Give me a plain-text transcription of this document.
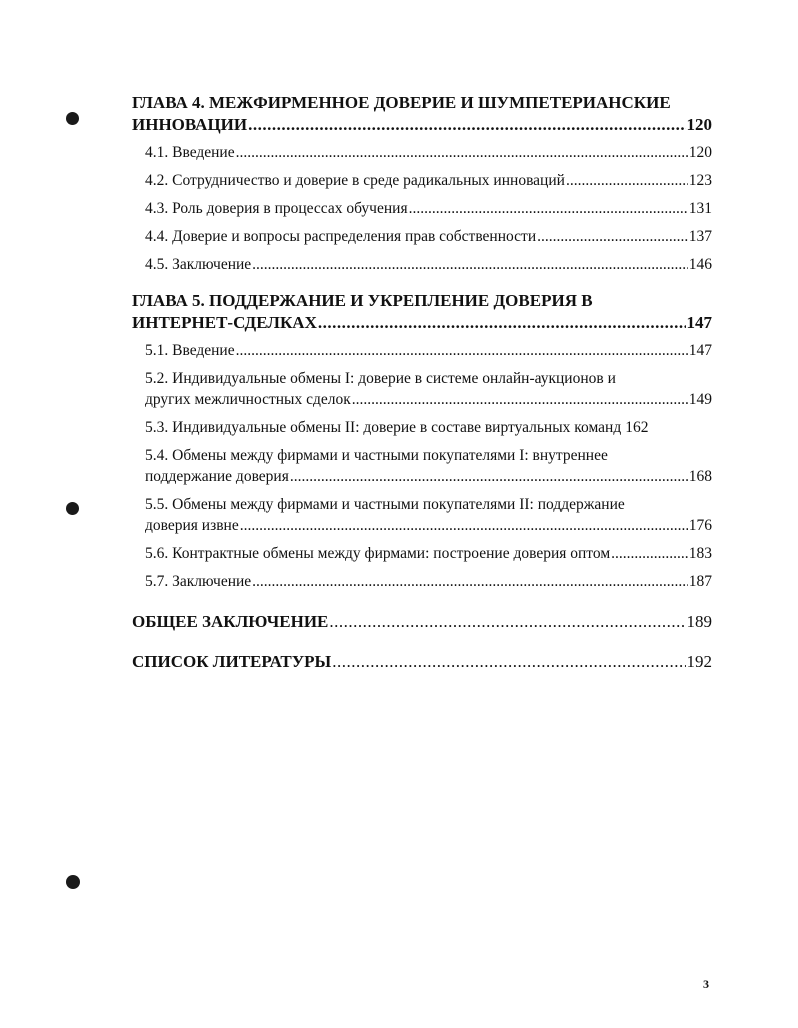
ГЛАВА 4. МЕЖФИРМЕННОЕ ДОВЕРИЕ И ШУМПЕТЕРИАНСКИЕ
ИННОВАЦИИ .....	120
4.1. Введение .....	120
4.2. Сотрудничество и доверие в среде радикальных инноваций .....	123
4.3. Роль доверия в процессах обучения .....	131
4.4. Доверие и вопросы распределения прав собственности .....	137
4.5. Заключение .....	146
ГЛАВА 5. ПОДДЕРЖАНИЕ И УКРЕПЛЕНИЕ ДОВЕРИЯ В
ИНТЕРНЕТ-СДЕЛКАХ .....	147
5.1. Введение .....	147
5.2. Индивидуальные обмены I: доверие в системе онлайн-аукционов и
других межличностных сделок .....	149
5.3. Индивидуальные обмены II: доверие в составе виртуальных команд 162
5.4. Обмены между фирмами и частными покупателями I: внутреннее
поддержание доверия .....	168
5.5. Обмены между фирмами и частными покупателями II: поддержание
доверия извне .....	176
5.6. Контрактные обмены между фирмами: построение доверия оптом .....	183
5.7. Заключение .....	187
ОБЩЕЕ ЗАКЛЮЧЕНИЕ .....	189
СПИСОК ЛИТЕРАТУРЫ .....	192
3
